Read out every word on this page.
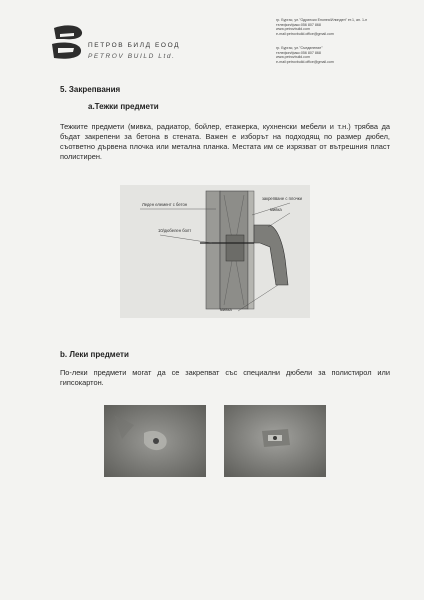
ПЕТРОВ БИЛД ЕООД
PETROV BUILD Ltd.
гр. Бургас, ул."Одрински Епопея/Илинден" ет.1, ап. 1-н
телефон/факс:056 807 868
www.petrovbuild.com
e-mail:petrovbuild.office@gmail.com
гр. Бургас, ул."Съединение"
телефон/факс:056 807 868
www.petrovbuild.com
e-mail:petrovbuild.office@gmail.com
5. Закрепвания
a.Тежки предмети
Тежките предмети (мивка, радиатор, бойлер, етажерка, кухненски мебели и т.н.) трябва да бъдат закрепени за бетона в стената. Важен е изборът на подходящ по размер дюбел, съответно дървена плочка или метална планка. Местата им се изрязват от вътрешния пласт полистирен.
Леден елемент с бетон
10/дюбелен болт
закрепване с плочки
мивка
мивка
b. Леки предмети
По-леки предмети могат да се закрепват със специални дюбели за полистирол или гипсокартон.
